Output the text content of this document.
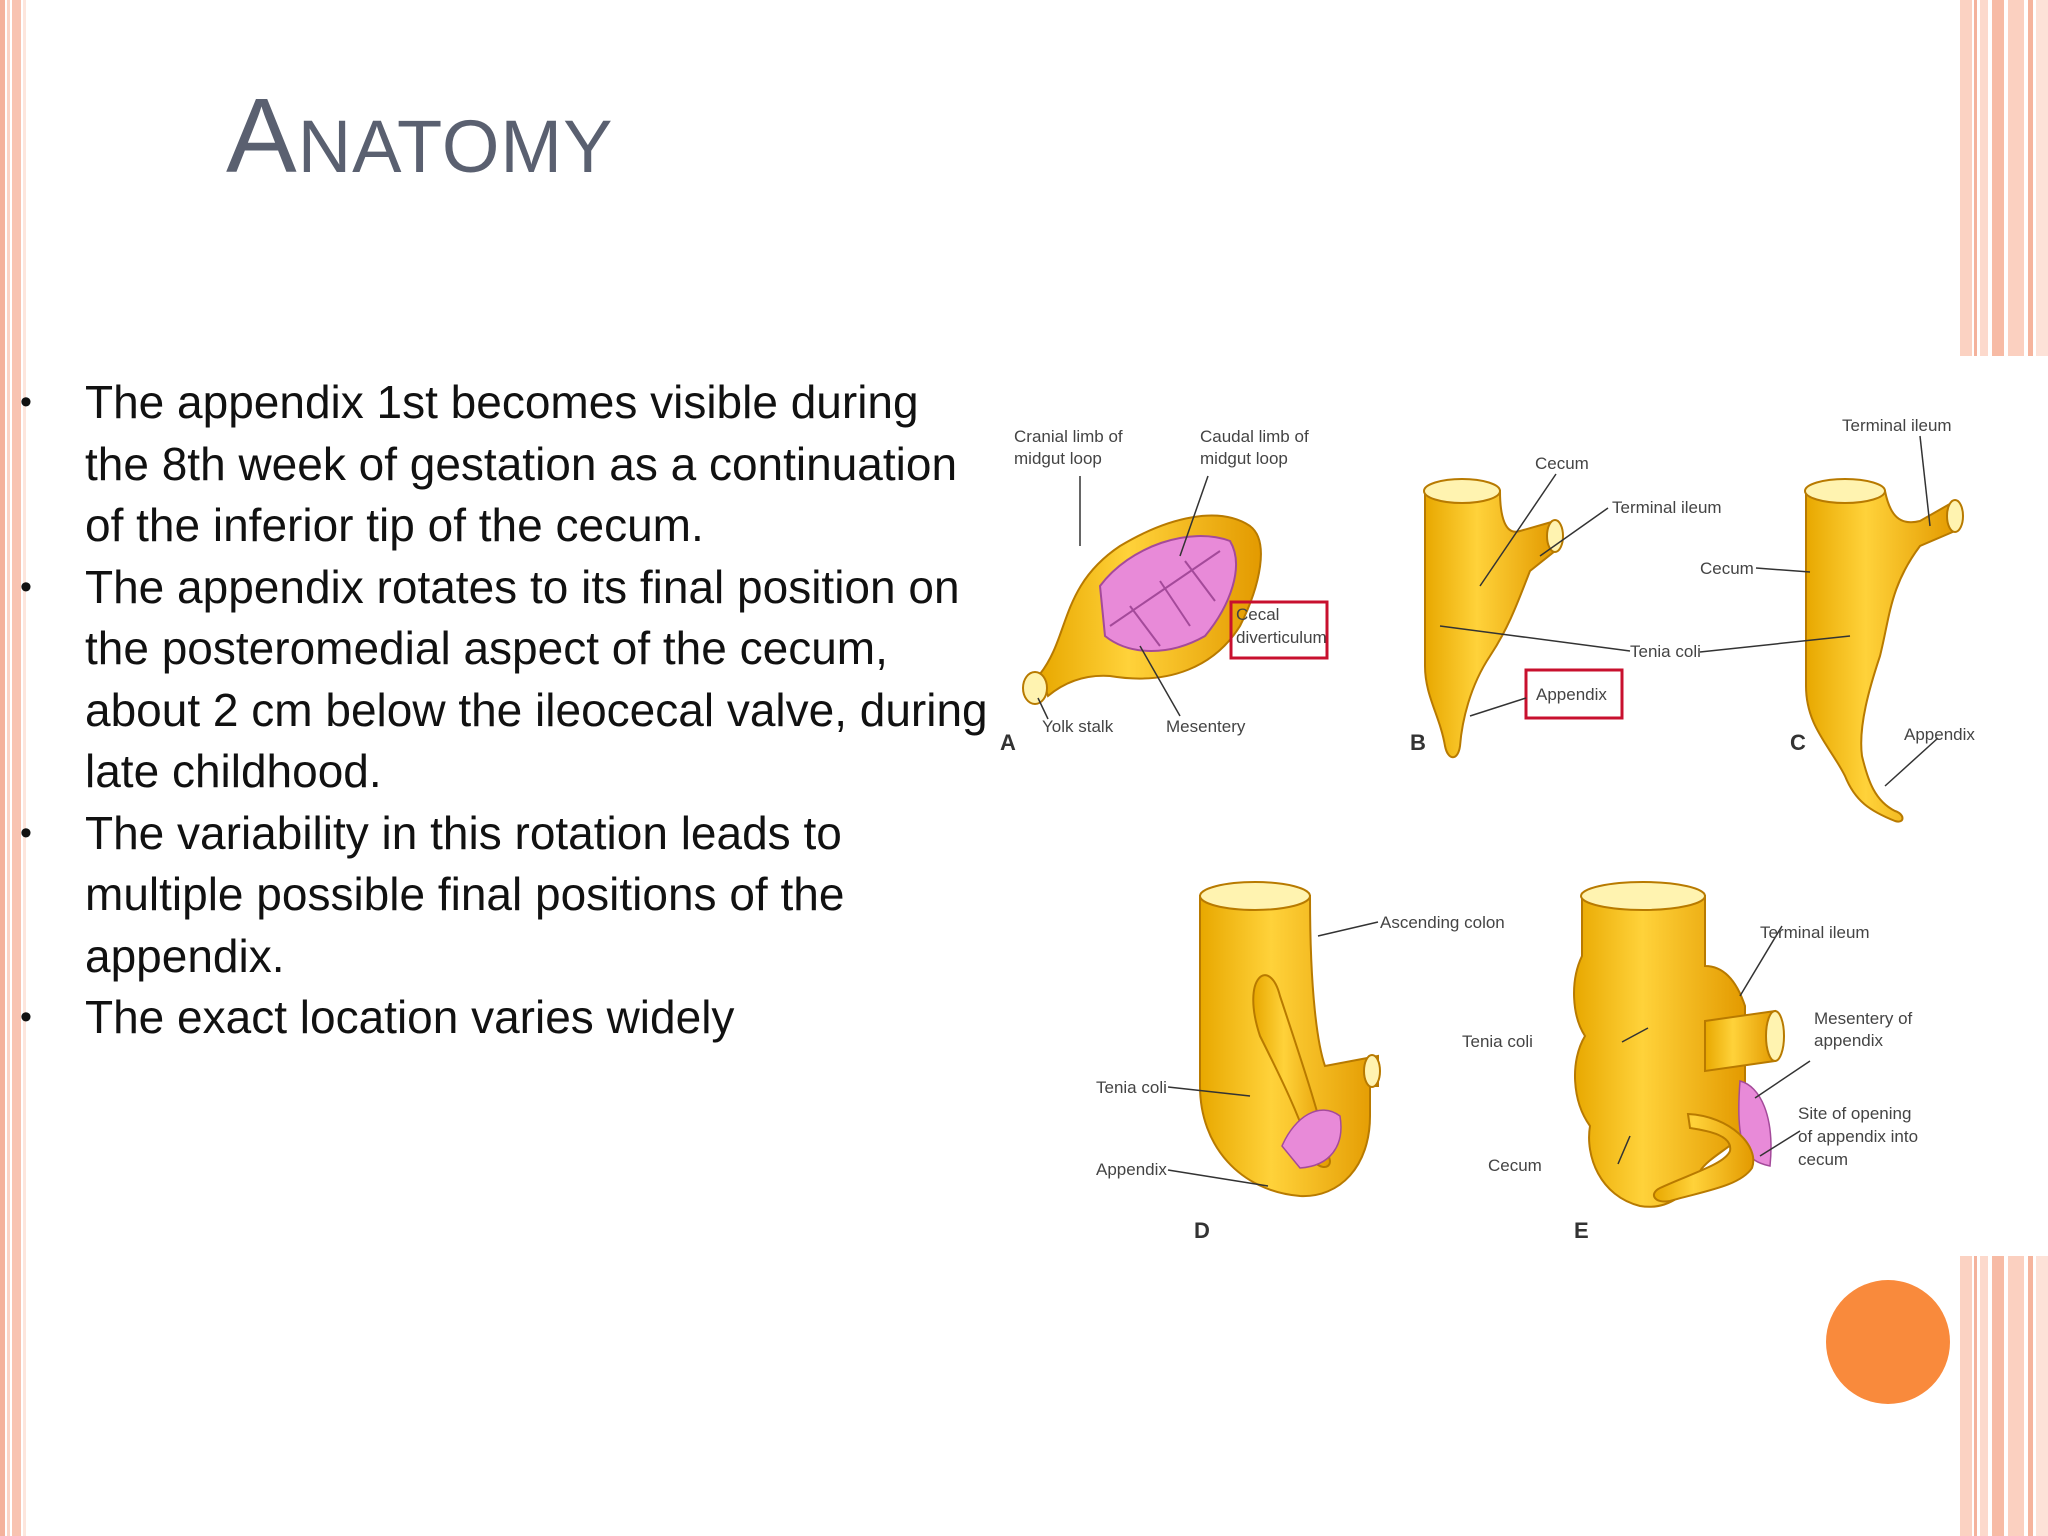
Anatomy
• The appendix 1st becomes visible during the 8th week of gestation as a continuation of the inferior tip of the cecum.
• The appendix rotates to its final position on the posteromedial aspect of the cecum, about 2 cm below the ileocecal valve, during late childhood.
• The variability in this rotation leads to multiple possible final positions of the appendix.
• The exact location varies widely
Cranial limb of
midgut loop
Caudal limb of
midgut loop
Cecal
diverticulum
Yolk stalk	Mesentery
A
Cecum
Terminal ileum
Appendix
B
Terminal ileum
Cecum
Tenia coli
Appendix
C
Ascending colon
Tenia coli
Appendix
D
Terminal ileum
Tenia coli
Mesentery of
appendix
Site of opening
of appendix into
cecum
Cecum
E
